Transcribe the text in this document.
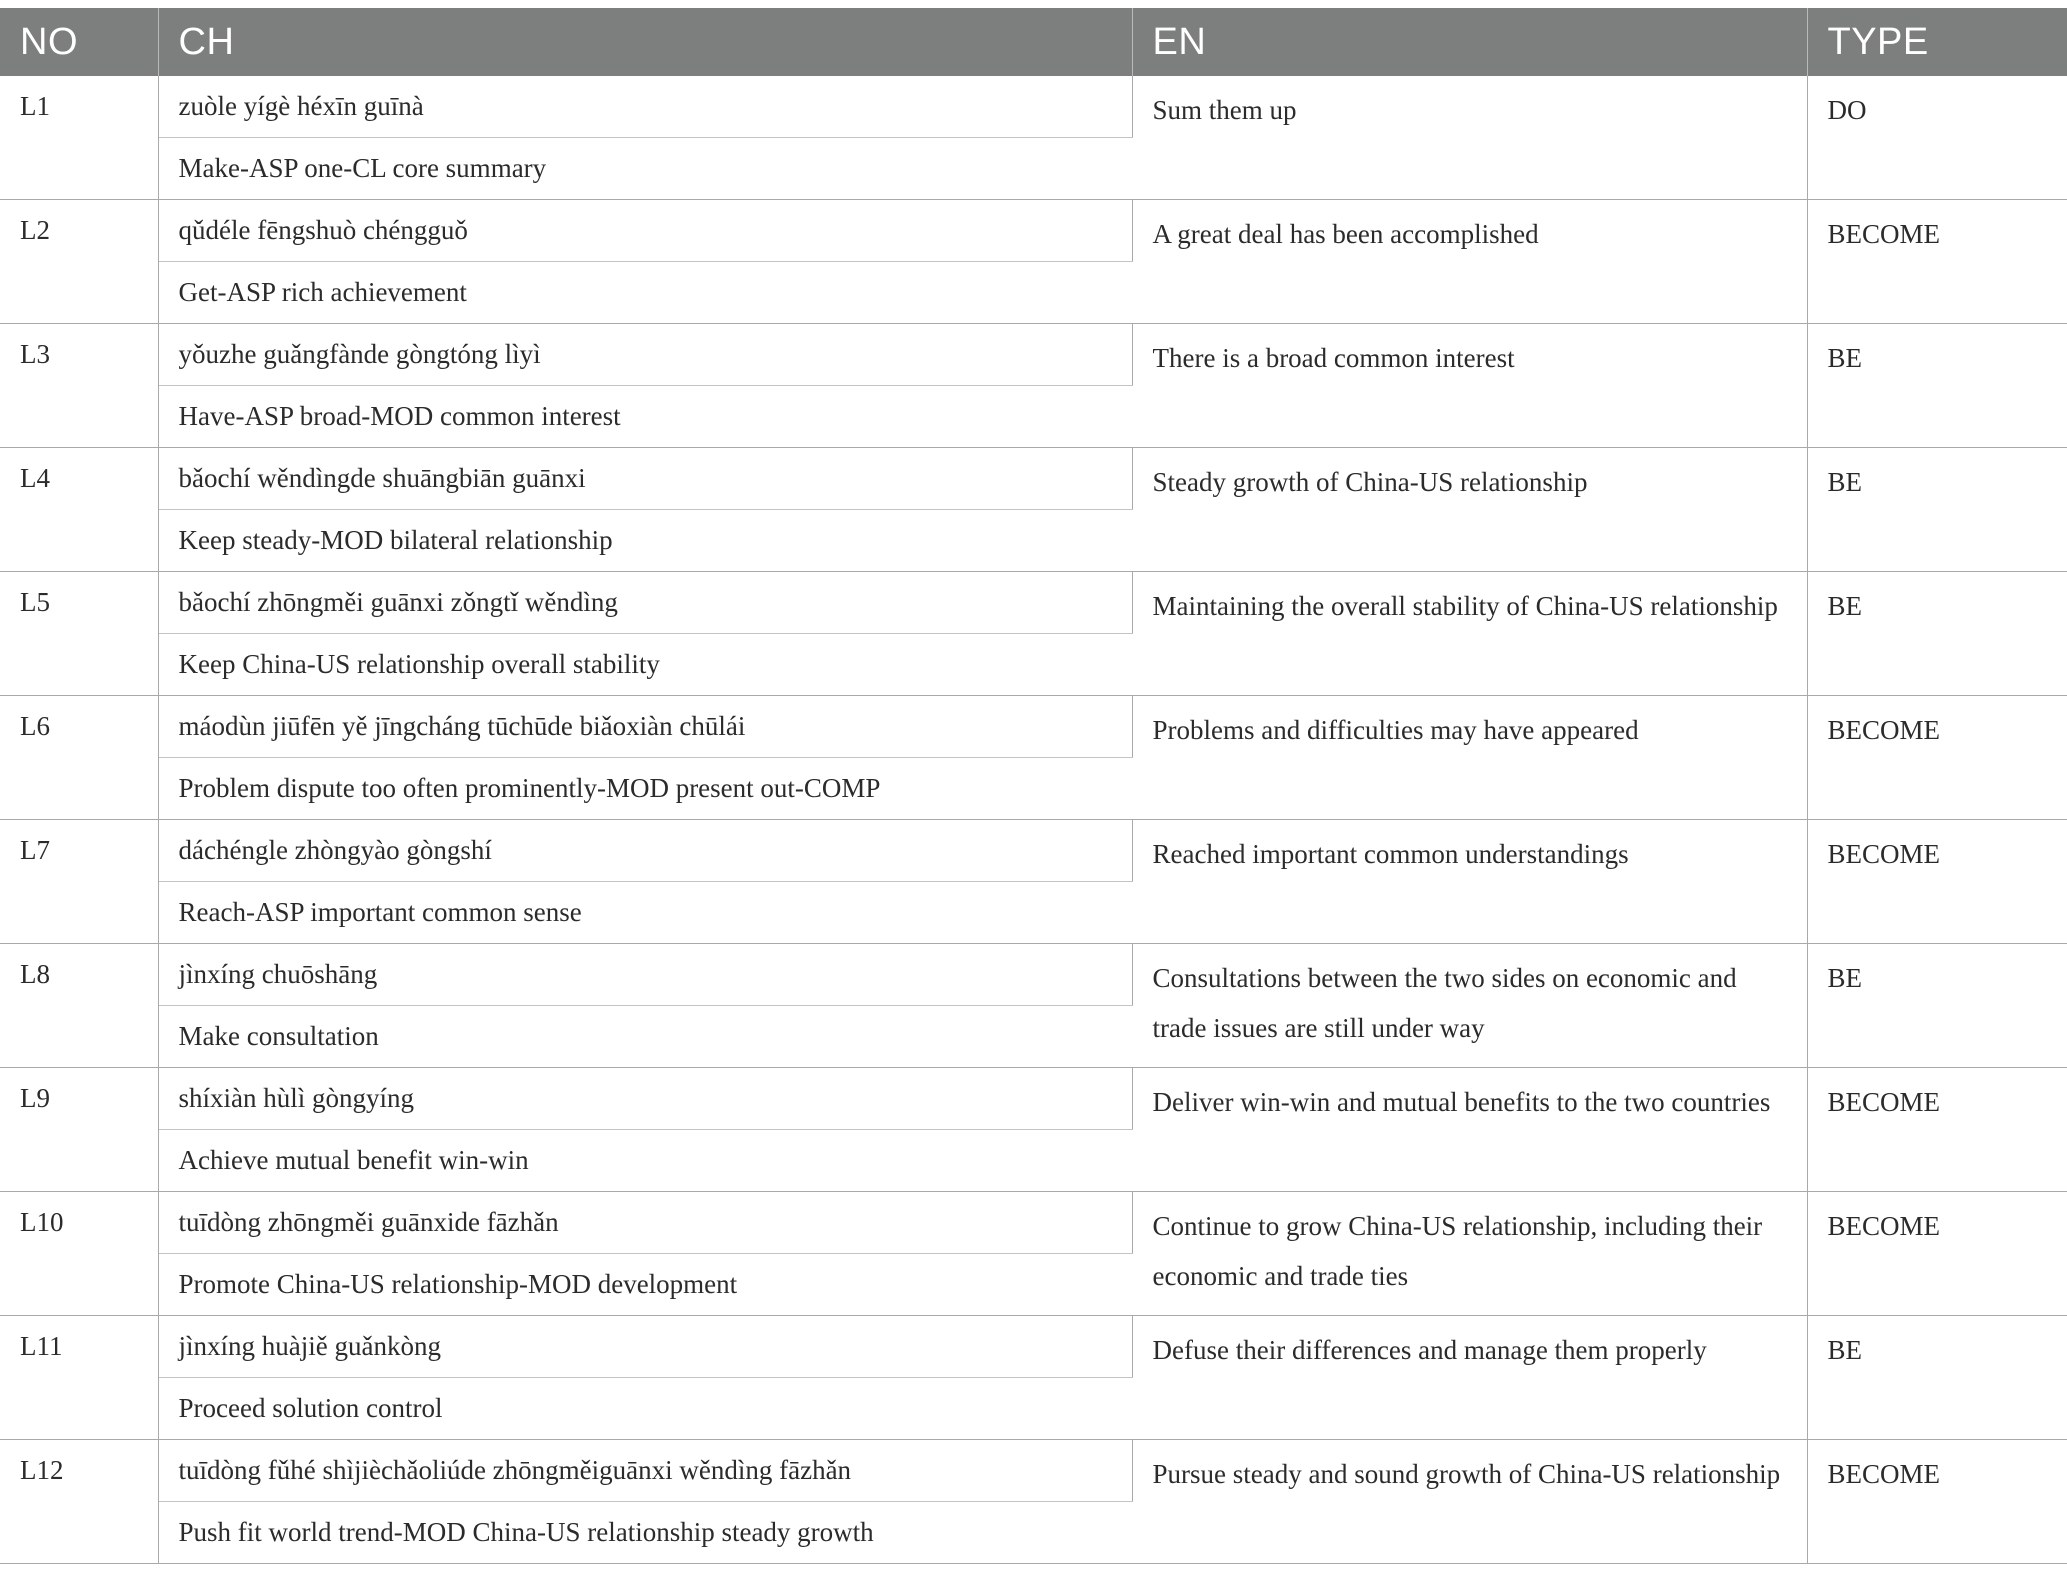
NO	CH	EN	TYPE
L1	zuòle yígè héxīn guīnà	Sum them up	DO
	Make-ASP one-CL core summary		
L2	qǔdéle fēngshuò chéngguǒ	A great deal has been accomplished	BECOME
	Get-ASP rich achievement		
L3	yǒuzhe guǎngfànde gòngtóng lìyì	There is a broad common interest	BE
	Have-ASP broad-MOD common interest		
L4	bǎochí wěndìngde shuāngbiān guānxi	Steady growth of China-US relationship	BE
	Keep steady-MOD bilateral relationship		
L5	bǎochí zhōngměi guānxi zǒngtǐ wěndìng	Maintaining the overall stability of China-US relationship	BE
	Keep China-US relationship overall stability		
L6	máodùn jiūfēn yě jīngcháng tūchūde biǎoxiàn chūlái	Problems and difficulties may have appeared	BECOME
	Problem dispute too often prominently-MOD present out-COMP		
L7	dáchéngle zhòngyào gòngshí	Reached important common understandings	BECOME
	Reach-ASP important common sense		
L8	jìnxíng chuōshāng	Consultations between the two sides on economic and trade issues are still under way	BE
	Make consultation		
L9	shíxiàn hùlì gòngyíng	Deliver win-win and mutual benefits to the two countries	BECOME
	Achieve mutual benefit win-win		
L10	tuīdòng zhōngměi guānxide fāzhǎn	Continue to grow China-US relationship, including their economic and trade ties	BECOME
	Promote China-US relationship-MOD development		
L11	jìnxíng huàjiě guǎnkòng	Defuse their differences and manage them properly	BE
	Proceed solution control		
L12	tuīdòng fǔhé shìjièchǎoliúde zhōngměiguānxi wěndìng fāzhǎn	Pursue steady and sound growth of China-US relationship	BECOME
	Push fit world trend-MOD China-US relationship steady growth		
